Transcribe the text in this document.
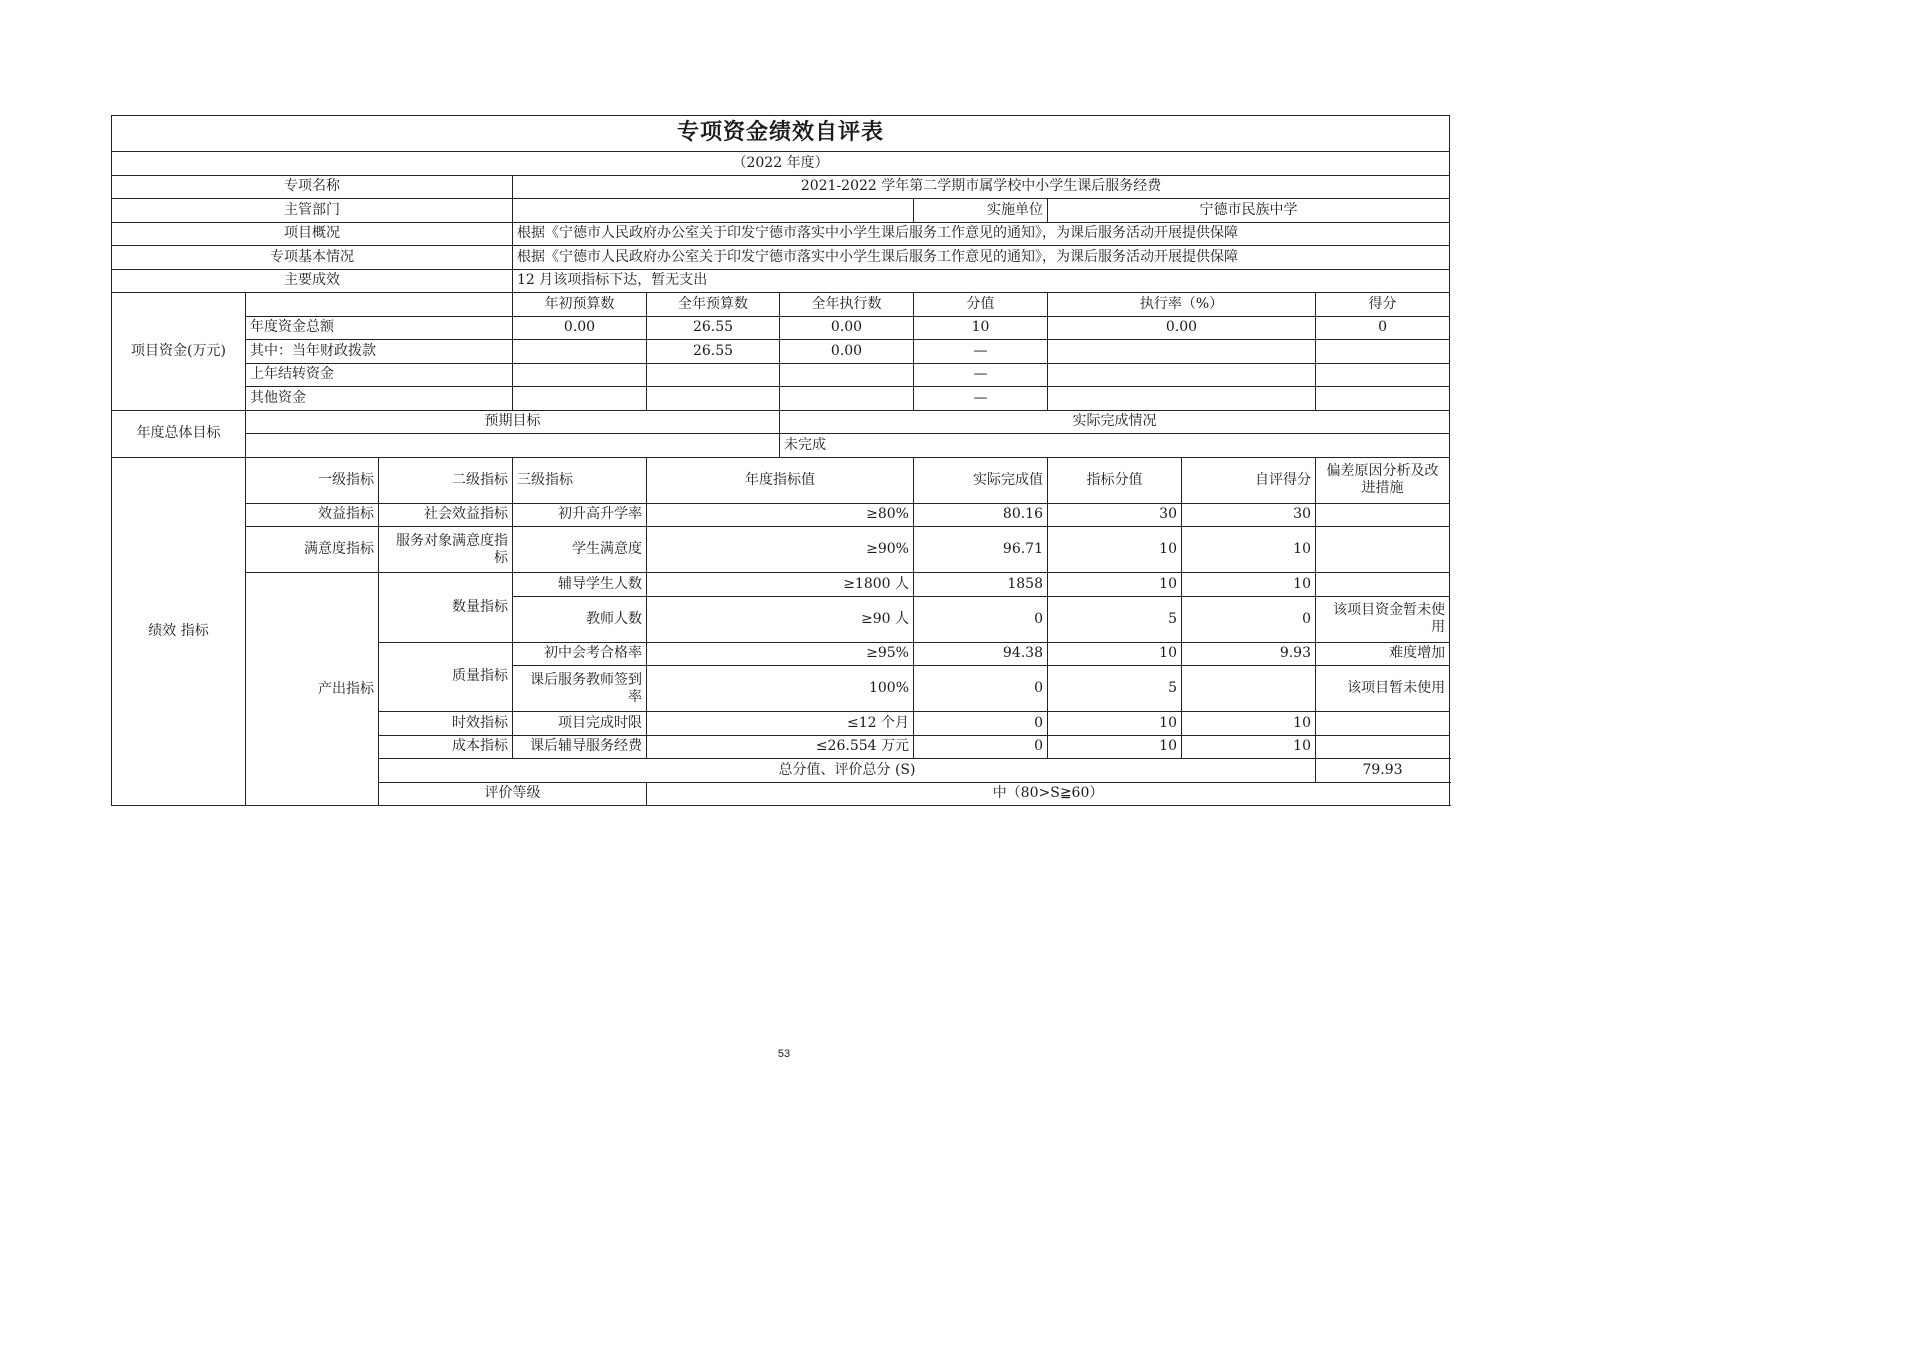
专项资金绩效自评表										
（2022 年度）										
专项名称			2021-2022 学年第二学期市属学校中小学生课后服务经费							
主管部门						实施单位	宁德市民族中学			
项目概况			根据《宁德市人民政府办公室关于印发宁德市落实中小学生课后服务工作意见的通知》，为课后服务活动开展提供保障							
专项基本情况			根据《宁德市人民政府办公室关于印发宁德市落实中小学生课后服务工作意见的通知》，为课后服务活动开展提供保障							
主要成效			12 月该项指标下达，暂无支出							
项目资金(万元)			年初预算数	全年预算数	全年执行数	分值	执行率（%）		得分	
	年度资金总额		0.00	26.55	0.00	10	0.00		0	
	其中：当年财政拨款			26.55	0.00	—				
	上年结转资金					—				
	其他资金					—				
年度总体目标	预期目标				实际完成情况					
					未完成					
绩效 指标	一级指标	二级指标	三级指标	年度指标值		实际完成值	指标分值	自评得分	偏差原因分析及改进措施	
	效益指标	社会效益指标	初升高升学率	≥80%		80.16	30	30		
	满意度指标	服务对象满意度指标	学生满意度	≥90%		96.71	10	10		
	产出指标	数量指标	辅导学生人数	≥1800 人		1858	10	10		
			教师人数	≥90 人		0	5	0	该项目资金暂未使用	
		质量指标	初中会考合格率	≥95%		94.38	10	9.93	难度增加	
			课后服务教师签到率	100%		0	5		该项目暂未使用	
		时效指标	项目完成时限	≤12 个月		0	10	10		
		成本指标	课后辅导服务经费	≤26.554 万元		0	10	10		
		总分值、评价总分 (S)							79.93	
		评价等级		中（80>S≧60）						
53
